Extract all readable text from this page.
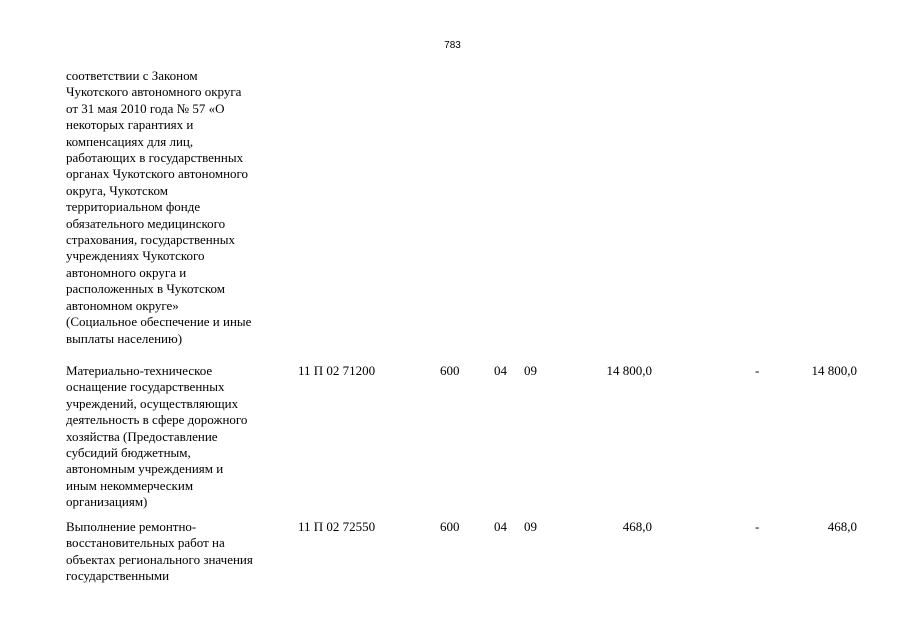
783
соответствии с Законом
Чукотского автономного округа
от 31 мая 2010 года № 57 «О
некоторых гарантиях и
компенсациях для лиц,
работающих в государственных
органах Чукотского автономного
округа, Чукотском
территориальном фонде
обязательного медицинского
страхования, государственных
учреждениях Чукотского
автономного округа и
расположенных в Чукотском
автономном округе»
(Социальное обеспечение и иные
выплаты населению)
Материально-техническое
оснащение государственных
учреждений, осуществляющих
деятельность в сфере дорожного
хозяйства (Предоставление
субсидий бюджетным,
автономным учреждениям и
иным некоммерческим
организациям)
11 П 02 71200	600	04 09	14 800,0	-	14 800,0
Выполнение ремонтно-
восстановительных работ на
объектах регионального значения
государственными
11 П 02 72550	600	04 09	468,0	-	468,0
